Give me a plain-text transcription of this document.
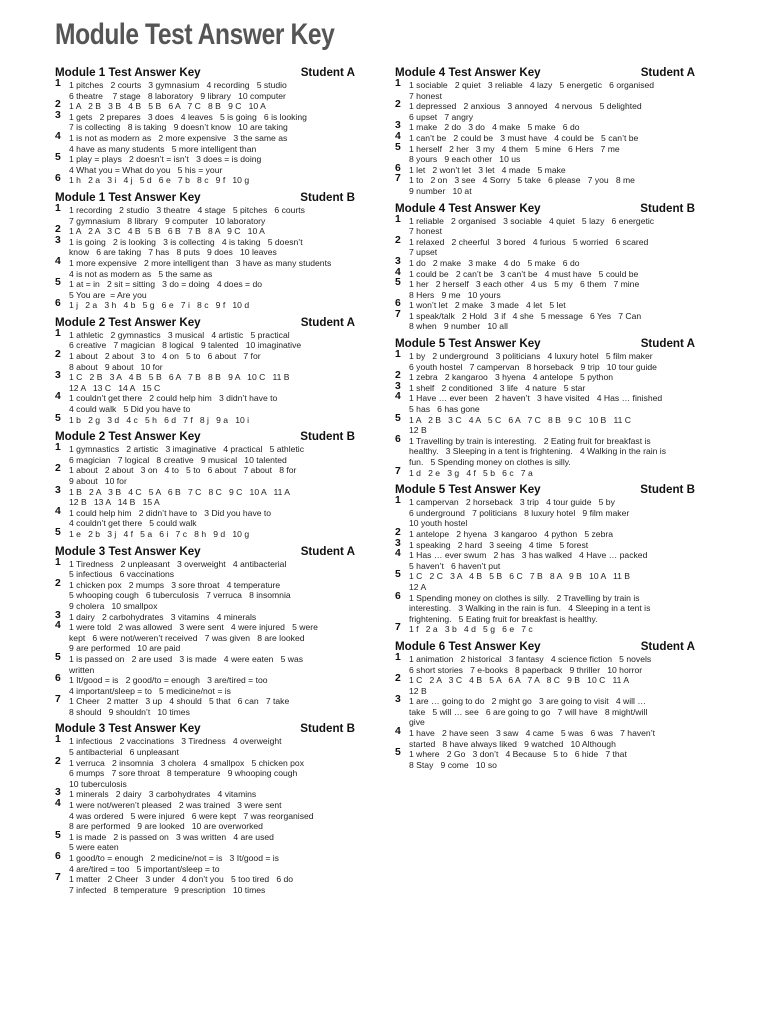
Module Test Answer Key
Module 1 Test Answer Key	Student A
1 1 pitches   2 courts   3 gymnasium   4 recording   5 studio
6 theatre    7 stage   8 laboratory   9 library   10 computer
2 1 A   2 B   3 B   4 B   5 B   6 A   7 C   8 B   9 C   10 A
3 1 gets   2 prepares   3 does   4 leaves   5 is going   6 is looking
7 is collecting   8 is taking   9 doesn’t know   10 are taking
4 1 is not as modern as   2 more expensive   3 the same as
4 have as many students   5 more intelligent than
5 1 play = plays   2 doesn’t = isn’t   3 does = is doing
4 What you = What do you   5 his = your
6 1 h   2 a   3 i   4 j   5 d   6 e   7 b   8 c   9 f   10 g
Module 1 Test Answer Key	Student B
1 1 recording   2 studio   3 theatre   4 stage   5 pitches   6 courts
7 gymnasium   8 library   9 computer   10 laboratory
2 1 A   2 A   3 C   4 B   5 B   6 B   7 B   8 A   9 C   10 A
3 1 is going   2 is looking   3 is collecting   4 is taking   5 doesn’t
know   6 are taking   7 has   8 puts   9 does   10 leaves
4 1 more expensive   2 more intelligent than   3 have as many students
4 is not as modern as   5 the same as
5 1 at = in   2 sit = sitting   3 do = doing   4 does = do
5 You are  = Are you
6 1 j   2 a   3 h   4 b   5 g   6 e   7 i   8 c   9 f   10 d
Module 2 Test Answer Key	Student A
1 1 athletic   2 gymnastics   3 musical   4 artistic   5 practical
6 creative   7 magician   8 logical   9 talented   10 imaginative
2 1 about   2 about   3 to   4 on   5 to   6 about   7 for
8 about   9 about   10 for
3 1 C   2 B   3 A   4 B   5 B   6 A   7 B   8 B   9 A   10 C   11 B
12 A   13 C   14 A   15 C
4 1 couldn’t get there   2 could help him   3 didn’t have to
4 could walk   5 Did you have to
5 1 b   2 g   3 d   4 c   5 h   6 d   7 f   8 j   9 a   10 i
Module 2 Test Answer Key	Student B
1 1 gymnastics   2 artistic   3 imaginative   4 practical   5 athletic
6 magician   7 logical   8 creative   9 musical   10 talented
2 1 about   2 about   3 on   4 to   5 to   6 about   7 about   8 for
9 about   10 for
3 1 B   2 A   3 B   4 C   5 A   6 B   7 C   8 C   9 C   10 A   11 A
12 B   13 A   14 B   15 A
4 1 could help him   2 didn’t have to   3 Did you have to
4 couldn’t get there   5 could walk
5 1 e   2 b   3 j   4 f   5 a   6 i   7 c   8 h   9 d   10 g
Module 3 Test Answer Key	Student A
1 1 Tiredness   2 unpleasant   3 overweight   4 antibacterial
5 infectious   6 vaccinations
2 1 chicken pox   2 mumps   3 sore throat   4 temperature
5 whooping cough   6 tuberculosis   7 verruca   8 insomnia
9 cholera   10 smallpox
3 1 dairy   2 carbohydrates   3 vitamins   4 minerals
4 1 were told   2 was allowed   3 were sent   4 were injured   5 were
kept   6 were not/weren’t received   7 was given   8 are looked
9 are performed   10 are paid
5 1 is passed on   2 are used   3 is made   4 were eaten   5 was
written
6 1 It/good = is   2 good/to = enough   3 are/tired = too
4 important/sleep = to   5 medicine/not = is
7 1 Cheer   2 matter   3 up   4 should   5 that   6 can   7 take
8 should   9 shouldn’t   10 times
Module 3 Test Answer Key	Student B
1 1 infectious   2 vaccinations   3 Tiredness   4 overweight
5 antibacterial   6 unpleasant
2 1 verruca   2 insomnia   3 cholera   4 smallpox   5 chicken pox
6 mumps   7 sore throat   8 temperature   9 whooping cough
10 tuberculosis
3 1 minerals   2 dairy   3 carbohydrates   4 vitamins
4 1 were not/weren’t pleased   2 was trained   3 were sent
4 was ordered   5 were injured   6 were kept   7 was reorganised
8 are performed   9 are looked   10 are overworked
5 1 is made   2 is passed on   3 was written   4 are used
5 were eaten
6 1 good/to = enough   2 medicine/not = is   3 It/good = is
4 are/tired = too   5 important/sleep = to
7 1 matter   2 Cheer   3 under   4 don’t you   5 too tired   6 do
7 infected   8 temperature   9 prescription   10 times
Module 4 Test Answer Key	Student A
1 1 sociable   2 quiet   3 reliable   4 lazy   5 energetic   6 organised
7 honest
2 1 depressed   2 anxious   3 annoyed   4 nervous   5 delighted
6 upset   7 angry
3 1 make   2 do   3 do   4 make   5 make   6 do
4 1 can’t be   2 could be   3 must have   4 could be   5 can’t be
5 1 herself   2 her   3 my   4 them   5 mine   6 Hers   7 me
8 yours   9 each other   10 us
6 1 let   2 won’t let   3 let   4 made   5 make
7 1 to   2 on   3 see   4 Sorry   5 take   6 please   7 you   8 me
9 number   10 at
Module 4 Test Answer Key	Student B
1 1 reliable   2 organised   3 sociable   4 quiet   5 lazy   6 energetic
7 honest
2 1 relaxed   2 cheerful   3 bored   4 furious   5 worried   6 scared
7 upset
3 1 do   2 make   3 make   4 do   5 make   6 do
4 1 could be   2 can’t be   3 can’t be   4 must have   5 could be
5 1 her   2 herself   3 each other   4 us   5 my   6 them   7 mine
8 Hers   9 me   10 yours
6 1 won’t let   2 make   3 made   4 let   5 let
7 1 speak/talk   2 Hold   3 if   4 she   5 message   6 Yes   7 Can
8 when   9 number   10 all
Module 5 Test Answer Key	Student A
1 1 by   2 underground   3 politicians   4 luxury hotel   5 film maker
6 youth hostel   7 campervan   8 horseback   9 trip   10 tour guide
2 1 zebra   2 kangaroo   3 hyena   4 antelope   5 python
3 1 shelf   2 conditioned   3 life   4 nature   5 star
4 1 Have … ever been   2 haven’t   3 have visited   4 Has … finished
5 has   6 has gone
5 1 A   2 B   3 C   4 A   5 C   6 A   7 C   8 B   9 C   10 B   11 C
12 B
6 1 Travelling by train is interesting.   2 Eating fruit for breakfast is
healthy.   3 Sleeping in a tent is frightening.   4 Walking in the rain is
fun.   5 Spending money on clothes is silly.
7 1 d   2 e   3 g   4 f   5 b   6 c   7 a
Module 5 Test Answer Key	Student B
1 1 campervan   2 horseback   3 trip   4 tour guide   5 by
6 underground   7 politicians   8 luxury hotel   9 film maker
10 youth hostel
2 1 antelope   2 hyena   3 kangaroo   4 python   5 zebra
3 1 speaking   2 hard   3 seeing   4 time   5 forest
4 1 Has … ever swum   2 has   3 has walked   4 Have … packed
5 haven’t   6 haven’t put
5 1 C   2 C   3 A   4 B   5 B   6 C   7 B   8 A   9 B   10 A   11 B
12 A
6 1 Spending money on clothes is silly.   2 Travelling by train is
interesting.   3 Walking in the rain is fun.   4 Sleeping in a tent is
frightening.   5 Eating fruit for breakfast is healthy.
7 1 f   2 a   3 b   4 d   5 g   6 e   7 c
Module 6 Test Answer Key	Student A
1 1 animation   2 historical   3 fantasy   4 science fiction   5 novels
6 short stories   7 e-books   8 paperback   9 thriller   10 horror
2 1 C   2 A   3 C   4 B   5 A   6 A   7 A   8 C   9 B   10 C   11 A
12 B
3 1 are … going to do   2 might go   3 are going to visit   4 will …
take   5 will … see   6 are going to go   7 will have   8 might/will
give
4 1 have   2 have seen   3 saw   4 came   5 was   6 was   7 haven’t
started   8 have always liked   9 watched   10 Although
5 1 where   2 Go   3 don’t   4 Because   5 to   6 hide   7 that
8 Stay   9 come   10 so
